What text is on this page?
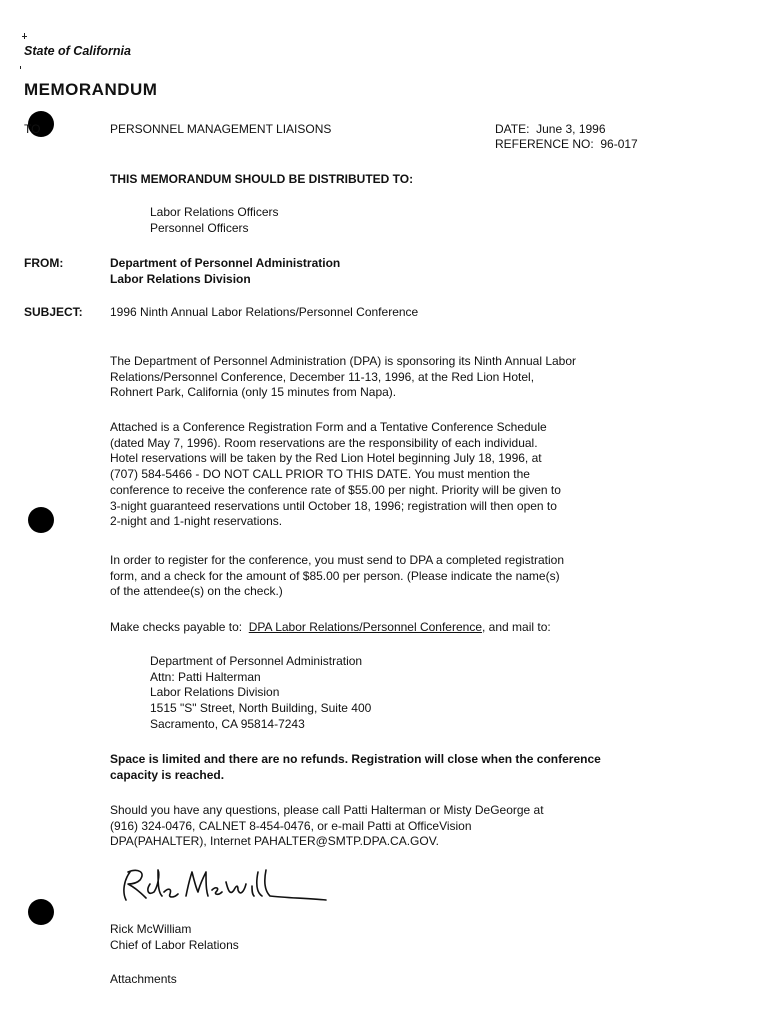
State of California
MEMORANDUM
TO	PERSONNEL MANAGEMENT LIAISONS	DATE: June 3, 1996
REFERENCE NO: 96-017
THIS MEMORANDUM SHOULD BE DISTRIBUTED TO:
Labor Relations Officers
Personnel Officers
FROM:	Department of Personnel Administration
Labor Relations Division
SUBJECT: 1996 Ninth Annual Labor Relations/Personnel Conference
The Department of Personnel Administration (DPA) is sponsoring its Ninth Annual Labor
Relations/Personnel Conference, December 11-13, 1996, at the Red Lion Hotel,
Rohnert Park, California (only 15 minutes from Napa).
Attached is a Conference Registration Form and a Tentative Conference Schedule
(dated May 7, 1996). Room reservations are the responsibility of each individual.
Hotel reservations will be taken by the Red Lion Hotel beginning July 18, 1996, at
(707) 584-5466 - DO NOT CALL PRIOR TO THIS DATE. You must mention the
conference to receive the conference rate of $55.00 per night. Priority will be given to
3-night guaranteed reservations until October 18, 1996; registration will then open to
2-night and 1-night reservations.
In order to register for the conference, you must send to DPA a completed registration
form, and a check for the amount of $85.00 per person. (Please indicate the name(s)
of the attendee(s) on the check.)
Make checks payable to: DPA Labor Relations/Personnel Conference, and mail to:
Department of Personnel Administration
Attn: Patti Halterman
Labor Relations Division
1515 "S" Street, North Building, Suite 400
Sacramento, CA 95814-7243
Space is limited and there are no refunds. Registration will close when the conference
capacity is reached.
Should you have any questions, please call Patti Halterman or Misty DeGeorge at
(916) 324-0476, CALNET 8-454-0476, or e-mail Patti at OfficeVision
DPA(PAHALTER), Internet PAHALTER@SMTP.DPA.CA.GOV.
Rick McWilliam
Chief of Labor Relations
Attachments
